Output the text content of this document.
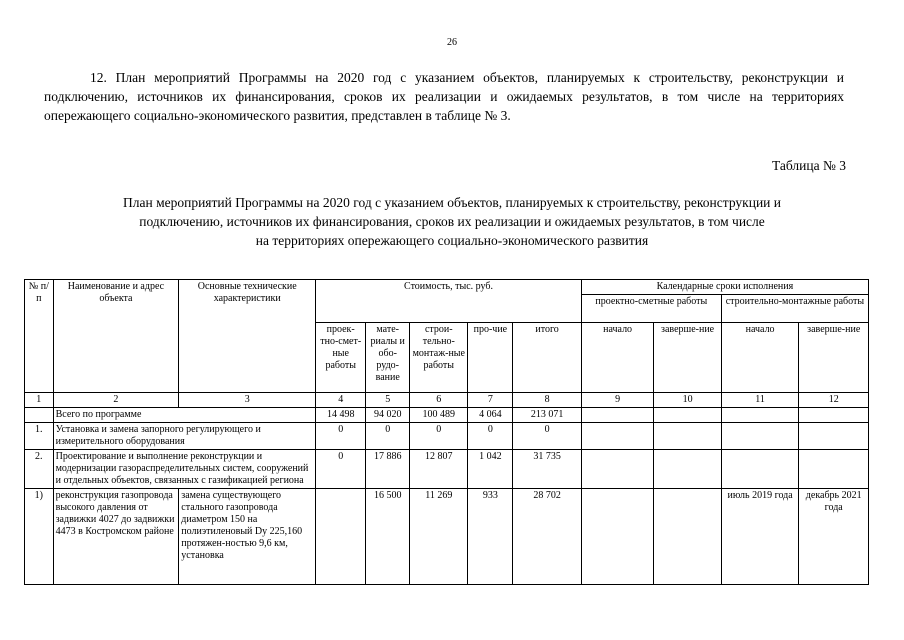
26

12. План мероприятий Программы на 2020 год с указанием объектов, планируемых к строительству, реконструкции и подключению, источников их финансирования, сроков их реализации и ожидаемых результатов, в том числе на территориях опережающего социально-экономического развития, представлен в таблице № 3.

Таблица № 3
План мероприятий Программы на 2020 год с указанием объектов, планируемых к строительству, реконструкции и
подключению, источников их финансирования, сроков их реализации и ожидаемых результатов, в том числе
на территориях опережающего социально-экономического развития
№ п/п	Наименование и адрес объекта	Основные технические характеристики	Стоимость, тыс. руб.					Календарные сроки исполнения			
								проектно-сметные работы		строительно-монтажные работы	
			проек-тно-смет-ные работы	мате-риалы и обо-рудо-вание	строи-тельно-монтаж-ные работы	про-чие	итого	начало	заверше-ние	начало	заверше-ние
1	2	3	4	5	6	7	8	9	10	11	12
	Всего по программе		14 498	94 020	100 489	4 064	213 071				
1.	Установка и замена запорного регулирующего и измерительного оборудования		0	0	0	0	0				
2.	Проектирование и выполнение реконструкции и модернизации газораспределительных систем, сооружений и отдельных объектов, связанных с газификацией региона		0	17 886	12 807	1 042	31 735				
1)	реконструкция газопровода высокого давления от задвижки 4027 до задвижки 4473 в Костромском районе	замена существующего стального газопровода диаметром 150 на полиэтиленовый Dy 225,160 протяжен-ностью 9,6 км, установка		16 500	11 269	933	28 702			июль 2019 года	декабрь 2021 года
